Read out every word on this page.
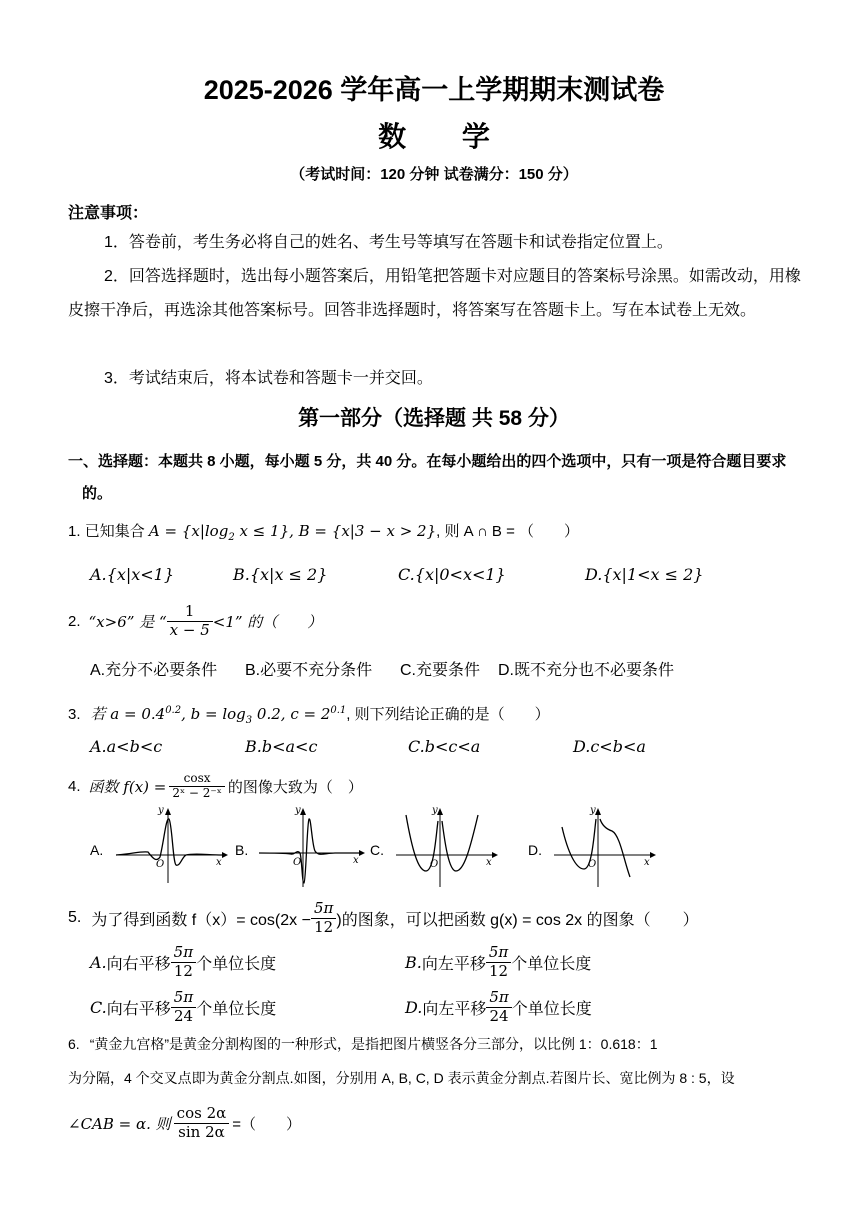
2025-2026 学年高一上学期期末测试卷
数 学
（考试时间：120 分钟 试卷满分：150 分）
注意事项：
1．答卷前，考生务必将自己的姓名、考生号等填写在答题卡和试卷指定位置上。
2．回答选择题时，选出每小题答案后，用铅笔把答题卡对应题目的答案标号涂黑。如需改动，用橡皮擦干净后，再选涂其他答案标号。回答非选择题时，将答案写在答题卡上。写在本试卷上无效。
3．考试结束后，将本试卷和答题卡一并交回。
第一部分（选择题 共 58 分）
一、选择题：本题共 8 小题，每小题 5 分，共 40 分。在每小题给出的四个选项中，只有一项是符合题目要求的。
1. 已知集合 $A = \{x|\log_2$ x ≤ 1}, B = {x|3 − x > 2}, 则 A ∩ B = （　　）
A.{x|x<1}	B.{x|x ≤ 2}	C.{x|0<x<1}	D.{x|1<x ≤ 2}
2. “x>6” 是 “ $\frac{1}{x - 5} <1$” 的（　　）
A.充分不必要条件 B.必要不充分条件 C.充要条件 D.既不充分也不必要条件
3. 若 $a = 0.4^{0.2}$, $b = \log_3 0.2$, $c = 2^{0.1}$, 则下列结论正确的是（　　）
A.a<b<c	B.b<a<c	C.b<c<a	D.c<b<a
4. 函数 $f(x) = \frac{\cos x}{\text{2ˣ − 2⁻ˣ}}$ 的图像大致为（　）
A.
y
x
O
B.
y
x
O
C.
y
x
O
D.
y
x
O
5. 为了得到函数 $f(x)= \cos(2x - \frac{5\pi}{12}$ )的图象，可以把函数 g(x) = cos 2x 的图象（　　）
A. 向右平移 $\frac{5\pi}{12}$ 个单位长度	B. 向左平移 $\frac{5\pi}{12}$ 个单位长度
C. 向右平移 $\frac{5\pi}{24}$ 个单位长度	D. 向左平移 $\frac{5\pi}{24}$ 个单位长度
6. “黄金九宫格”是黄金分割构图的一种形式，是指把图片横竖各分三部分，以比例 1：0.618：1
为分隔，4 个交叉点即为黄金分割点.如图，分别用 A, B, C, D 表示黄金分割点.若图片长、宽比例为 8 : 5，设
∠CAB = α. 则 $\frac{\cos 2\alpha}{\sin 2\alpha}$ =（　　）
